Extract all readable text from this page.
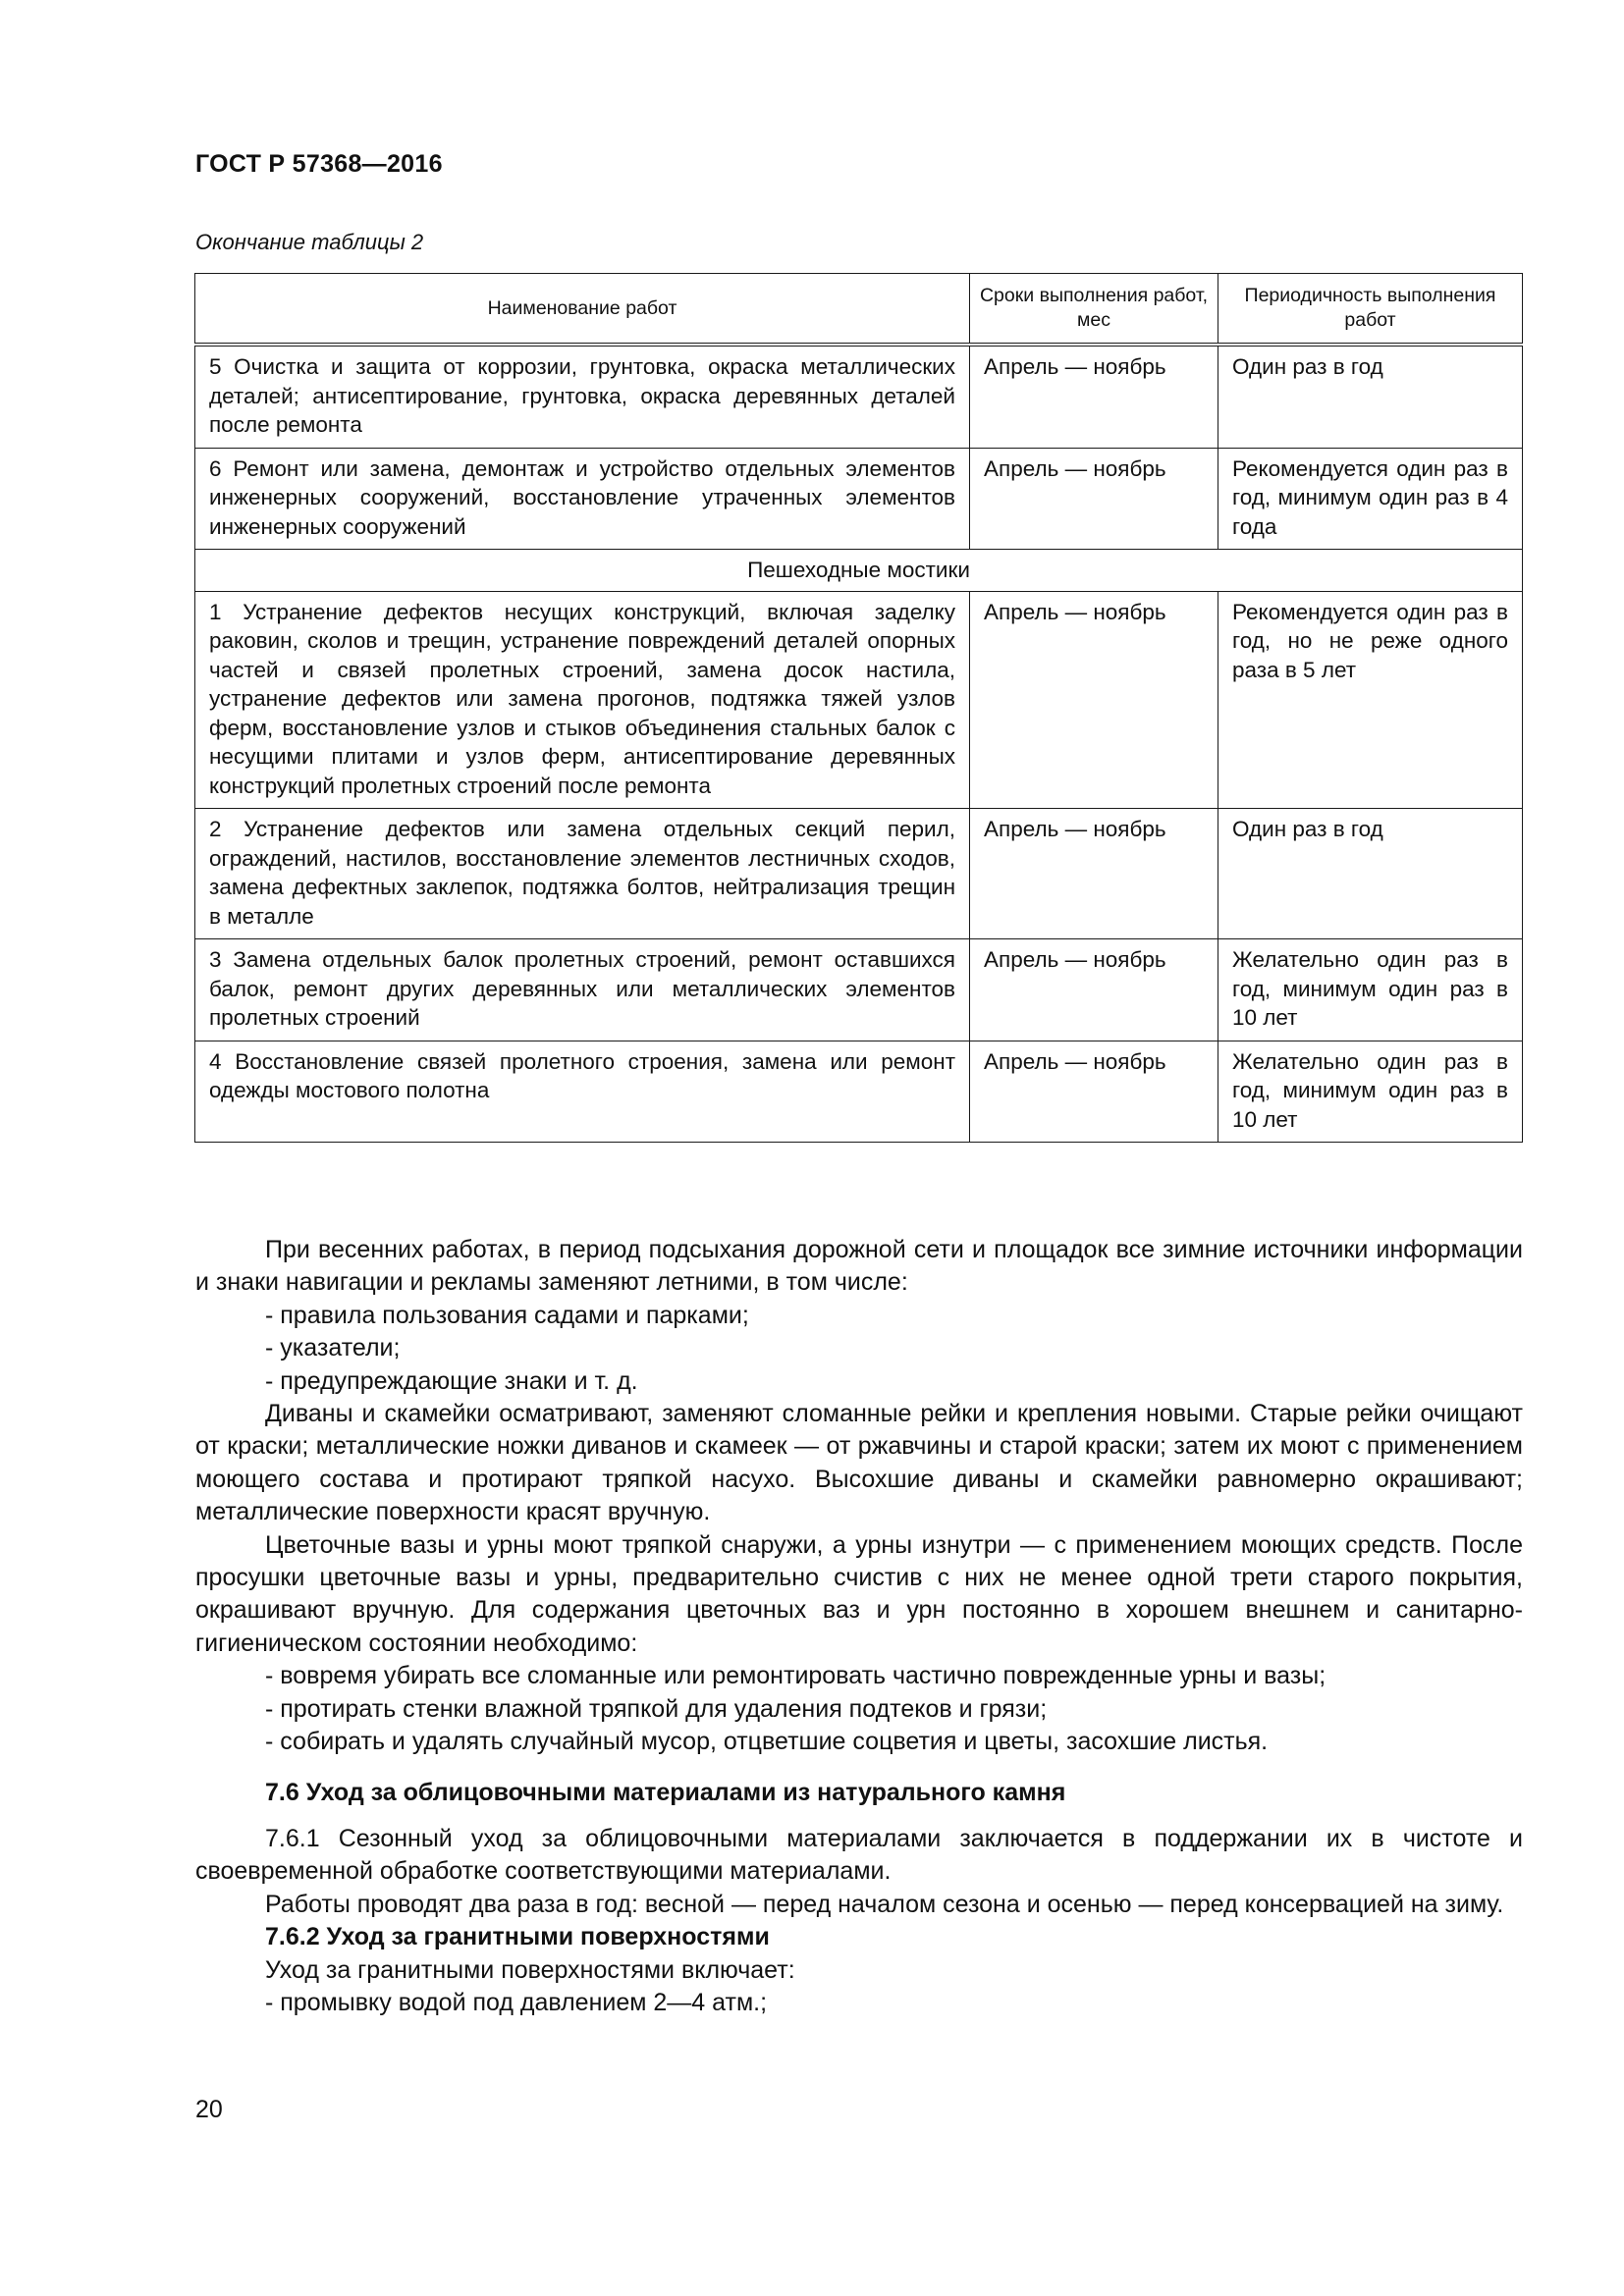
ГОСТ Р 57368—2016
Окончание таблицы 2
Наименование работ	Сроки выполнения работ, мес	Периодичность выполнения работ
5 Очистка и защита от коррозии, грунтовка, окраска металлических деталей; антисептирование, грунтовка, окраска деревянных деталей после ремонта	Апрель — ноябрь	Один раз в год
6 Ремонт или замена, демонтаж и устройство отдельных элементов инженерных сооружений, восстановление утраченных элементов инженерных сооружений	Апрель — ноябрь	Рекомендуется один раз в год, минимум один раз в 4 года
Пешеходные мостики		
1 Устранение дефектов несущих конструкций, включая заделку раковин, сколов и трещин, устранение повреждений деталей опорных частей и связей пролетных строений, замена досок настила, устранение дефектов или замена прогонов, подтяжка тяжей узлов ферм, восстановление узлов и стыков объединения стальных балок с несущими плитами и узлов ферм, антисептирование деревянных конструкций пролетных строений после ремонта	Апрель — ноябрь	Рекомендуется один раз в год, но не реже одного раза в 5 лет
2 Устранение дефектов или замена отдельных секций перил, ограждений, настилов, восстановление элементов лестничных сходов, замена дефектных заклепок, подтяжка болтов, нейтрализация трещин в металле	Апрель — ноябрь	Один раз в год
3 Замена отдельных балок пролетных строений, ремонт оставшихся балок, ремонт других деревянных или металлических элементов пролетных строений	Апрель — ноябрь	Желательно один раз в год, минимум один раз в 10 лет
4 Восстановление связей пролетного строения, замена или ремонт одежды мостового полотна	Апрель — ноябрь	Желательно один раз в год, минимум один раз в 10 лет

При весенних работах, в период подсыхания дорожной сети и площадок все зимние источники информации и знаки навигации и рекламы заменяют летними, в том числе:

- правила пользования садами и парками;

- указатели;

- предупреждающие знаки и т. д.

Диваны и скамейки осматривают, заменяют сломанные рейки и крепления новыми. Старые рейки очищают от краски; металлические ножки диванов и скамеек — от ржавчины и старой краски; затем их моют с применением моющего состава и протирают тряпкой насухо. Высохшие диваны и скамейки равномерно окрашивают; металлические поверхности красят вручную.

Цветочные вазы и урны моют тряпкой снаружи, а урны изнутри — с применением моющих средств. После просушки цветочные вазы и урны, предварительно счистив с них не менее одной трети старого покрытия, окрашивают вручную. Для содержания цветочных ваз и урн постоянно в хорошем внешнем и санитарно-гигиеническом состоянии необходимо:

- вовремя убирать все сломанные или ремонтировать частично поврежденные урны и вазы;

- протирать стенки влажной тряпкой для удаления подтеков и грязи;

- собирать и удалять случайный мусор, отцветшие соцветия и цветы, засохшие листья.

7.6 Уход за облицовочными материалами из натурального камня

7.6.1 Сезонный уход за облицовочными материалами заключается в поддержании их в чистоте и своевременной обработке соответствующими материалами.

Работы проводят два раза в год: весной — перед началом сезона и осенью — перед консервацией на зиму.

7.6.2 Уход за гранитными поверхностями

Уход за гранитными поверхностями включает:

- промывку водой под давлением 2—4 атм.;

20
